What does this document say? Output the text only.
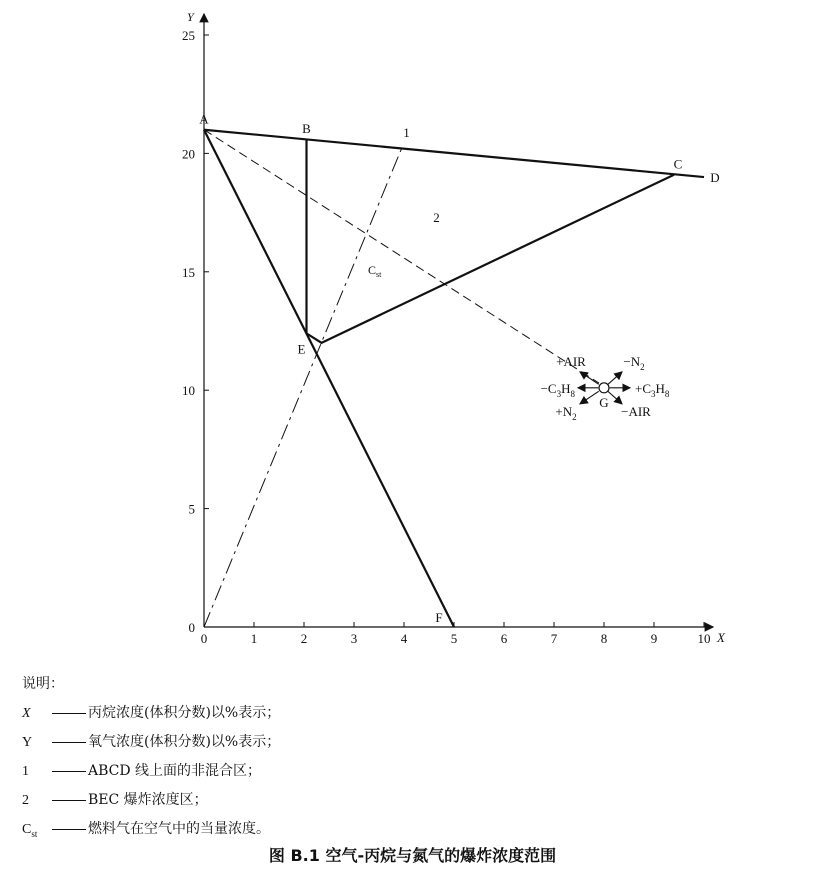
X
Y
0	1	2	3	4	5	6	7	8	9	10
0
5
10
15
20
25
A
B
C
D
E
F
G
1
2
$C_{st}$
+AIR	$-N_2$
$-C_3H_8$	$+C_3H_8$
$+N_2$	−AIR
说明：
X	丙烷浓度(体积分数)以%表示；
Y	氧气浓度(体积分数)以%表示；
1	ABCD 线上面的非混合区；
2	BEC 爆炸浓度区；
$C_{st}$	燃料气在空气中的当量浓度。
图 B.1 空气-丙烷与氮气的爆炸浓度范围
